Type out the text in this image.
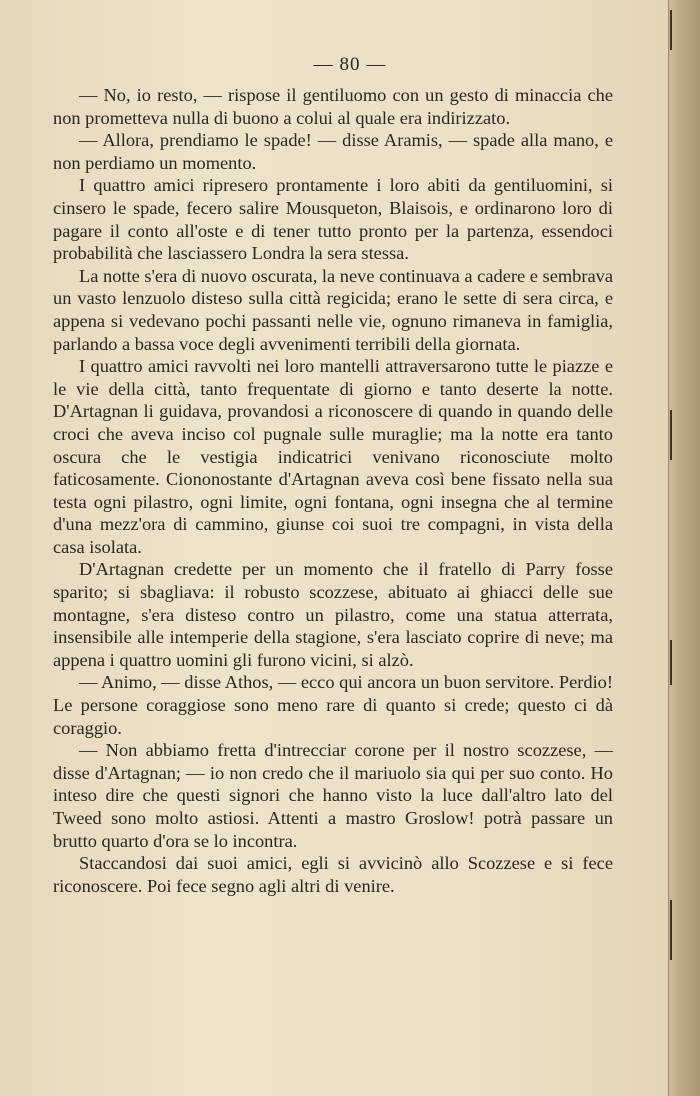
— 80 —

— No, io resto, — rispose il gentiluomo con un gesto di minaccia che non prometteva nulla di buono a colui al quale era indirizzato.

— Allora, prendiamo le spade! — disse Aramis, — spade alla mano, e non perdiamo un momento.

I quattro amici ripresero prontamente i loro abiti da gentiluomini, si cinsero le spade, fecero salire Mousqueton, Blaisois, e ordinarono loro di pagare il conto all'oste e di tener tutto pronto per la partenza, essendoci probabilità che lasciassero Londra la sera stessa.

La notte s'era di nuovo oscurata, la neve continuava a cadere e sembrava un vasto lenzuolo disteso sulla città regicida; erano le sette di sera circa, e appena si vedevano pochi passanti nelle vie, ognuno rimaneva in famiglia, parlando a bassa voce degli avvenimenti terribili della giornata.

I quattro amici ravvolti nei loro mantelli attraversarono tutte le piazze e le vie della città, tanto frequentate di giorno e tanto deserte la notte. D'Artagnan li guidava, provandosi a riconoscere di quando in quando delle croci che aveva inciso col pugnale sulle muraglie; ma la notte era tanto oscura che le vestigia indicatrici venivano riconosciute molto faticosamente. Ciononostante d'Artagnan aveva così bene fissato nella sua testa ogni pilastro, ogni limite, ogni fontana, ogni insegna che al termine d'una mezz'ora di cammino, giunse coi suoi tre compagni, in vista della casa isolata.

D'Artagnan credette per un momento che il fratello di Parry fosse sparito; si sbagliava: il robusto scozzese, abituato ai ghiacci delle sue montagne, s'era disteso contro un pilastro, come una statua atterrata, insensibile alle intemperie della stagione, s'era lasciato coprire di neve; ma appena i quattro uomini gli furono vicini, si alzò.

— Animo, — disse Athos, — ecco qui ancora un buon servitore. Perdio! Le persone coraggiose sono meno rare di quanto si crede; questo ci dà coraggio.

— Non abbiamo fretta d'intrecciar corone per il nostro scozzese, — disse d'Artagnan; — io non credo che il mariuolo sia qui per suo conto. Ho inteso dire che questi signori che hanno visto la luce dall'altro lato del Tweed sono molto astiosi. Attenti a mastro Groslow! potrà passare un brutto quarto d'ora se lo incontra.

Staccandosi dai suoi amici, egli si avvicinò allo Scozzese e si fece riconoscere. Poi fece segno agli altri di venire.
